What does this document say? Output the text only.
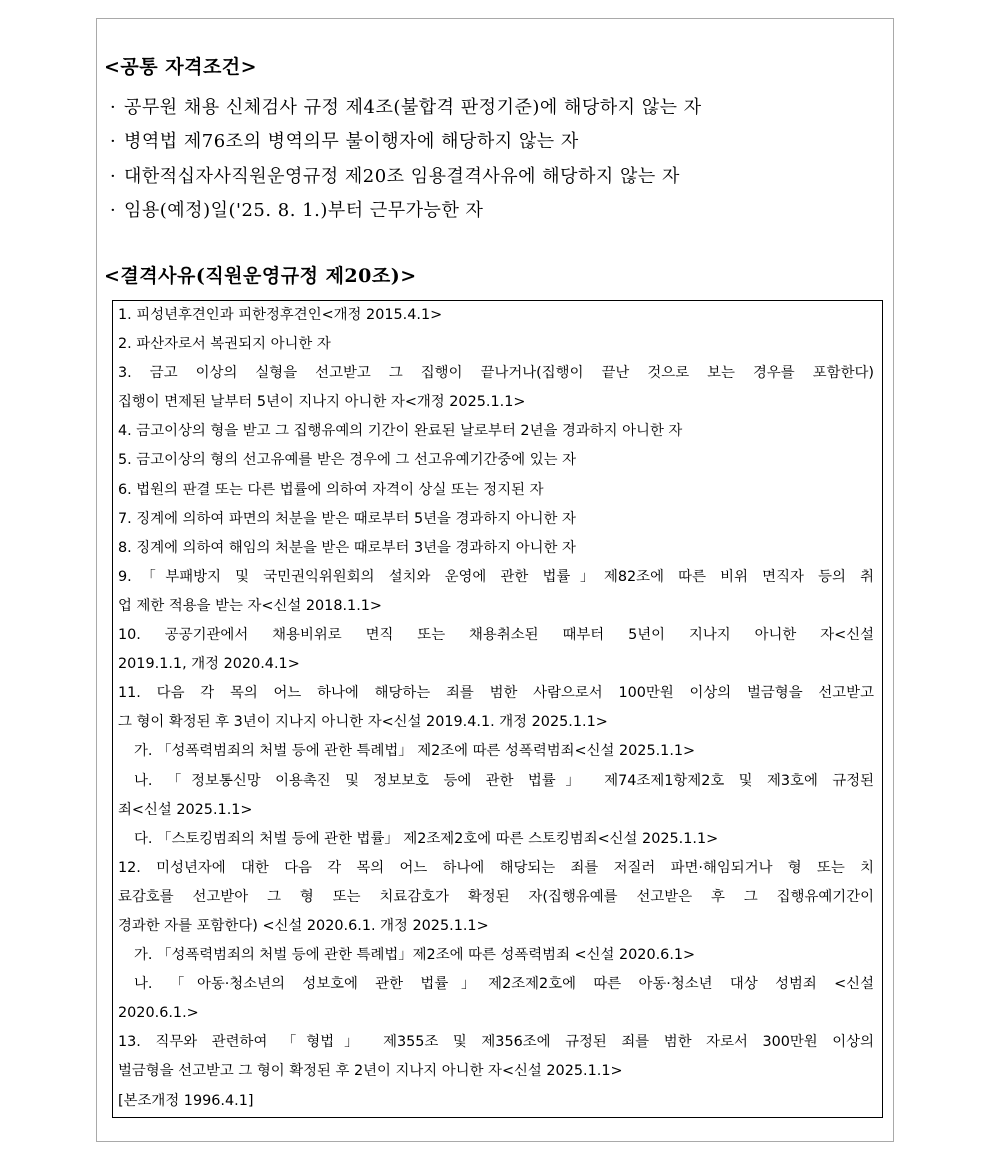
<공통 자격조건>
· 공무원 채용 신체검사 규정 제4조(불합격 판정기준)에 해당하지 않는 자
· 병역법 제76조의 병역의무 불이행자에 해당하지 않는 자
· 대한적십자사직원운영규정 제20조 임용결격사유에 해당하지 않는 자
· 임용(예정)일('25. 8. 1.)부터 근무가능한 자
<결격사유(직원운영규정 제20조)>
1. 피성년후견인과 피한정후견인<개정 2015.4.1>
2. 파산자로서 복권되지 아니한 자
3. 금고 이상의 실형을 선고받고 그 집행이 끝나거나(집행이 끝난 것으로 보는 경우를 포함한다)
집행이 면제된 날부터 5년이 지나지 아니한 자<개정 2025.1.1>
4. 금고이상의 형을 받고 그 집행유예의 기간이 완료된 날로부터 2년을 경과하지 아니한 자
5. 금고이상의 형의 선고유예를 받은 경우에 그 선고유예기간중에 있는 자
6. 법원의 판결 또는 다른 법률에 의하여 자격이 상실 또는 정지된 자
7. 징계에 의하여 파면의 처분을 받은 때로부터 5년을 경과하지 아니한 자
8. 징계에 의하여 해임의 처분을 받은 때로부터 3년을 경과하지 아니한 자
9.「부패방지 및 국민권익위원회의 설치와 운영에 관한 법률」제82조에 따른 비위 면직자 등의 취
업 제한 적용을 받는 자<신설 2018.1.1>
10. 공공기관에서 채용비위로 면직 또는 채용취소된 때부터 5년이 지나지 아니한 자<신설
2019.1.1, 개정 2020.4.1>
11. 다음 각 목의 어느 하나에 해당하는 죄를 범한 사람으로서 100만원 이상의 벌금형을 선고받고
그 형이 확정된 후 3년이 지나지 아니한 자<신설 2019.4.1. 개정 2025.1.1>
가. 「성폭력범죄의 처벌 등에 관한 특례법」 제2조에 따른 성폭력범죄<신설 2025.1.1>
나. 「정보통신망 이용촉진 및 정보보호 등에 관한 법률」 제74조제1항제2호 및 제3호에 규정된
죄<신설 2025.1.1>
다. 「스토킹범죄의 처벌 등에 관한 법률」 제2조제2호에 따른 스토킹범죄<신설 2025.1.1>
12. 미성년자에 대한 다음 각 목의 어느 하나에 해당되는 죄를 저질러 파면·해임되거나 형 또는 치
료감호를 선고받아 그 형 또는 치료감호가 확정된 자(집행유예를 선고받은 후 그 집행유예기간이
경과한 자를 포함한다) <신설 2020.6.1. 개정 2025.1.1>
가. 「성폭력범죄의 처벌 등에 관한 특례법」제2조에 따른 성폭력범죄 <신설 2020.6.1>
나. 「아동·청소년의 성보호에 관한 법률」제2조제2호에 따른 아동·청소년 대상 성범죄 <신설
2020.6.1.>
13. 직무와 관련하여 「형법」 제355조 및 제356조에 규정된 죄를 범한 자로서 300만원 이상의
벌금형을 선고받고 그 형이 확정된 후 2년이 지나지 아니한 자<신설 2025.1.1>
[본조개정 1996.4.1]
